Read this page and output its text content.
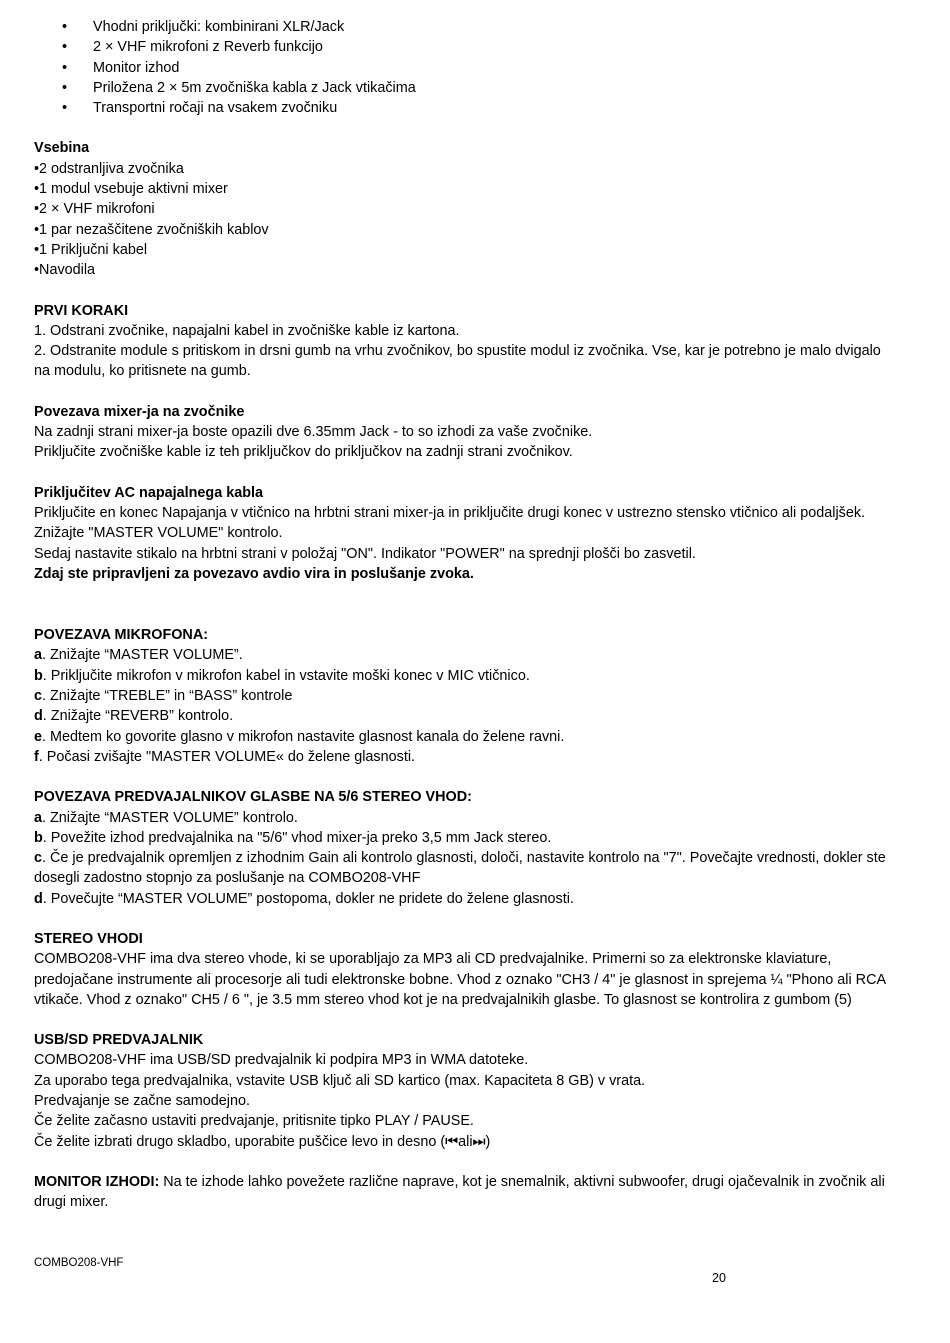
• Vhodni priključki: kombinirani XLR/Jack
• 2 × VHF mikrofoni z Reverb funkcijo
• Monitor izhod
• Priložena 2 × 5m zvočniška kabla z Jack vtikačima
• Transportni ročaji na vsakem zvočniku
Vsebina
• 2 odstranljiva zvočnika
• 1 modul vsebuje aktivni mixer
• 2 × VHF mikrofoni
• 1 par nezaščitene zvočniških kablov
• 1 Priključni kabel
• Navodila
PRVI KORAKI

1. Odstrani zvočnike, napajalni kabel in zvočniške kable iz kartona.

2. Odstranite module s pritiskom in drsni gumb na vrhu zvočnikov, bo spustite modul iz zvočnika. Vse, kar je potrebno je malo dvigalo na modulu, ko pritisnete na gumb.

Povezava mixer-ja na zvočnike

Na zadnji strani mixer-ja boste opazili dve 6.35mm Jack - to so izhodi za vaše zvočnike.

Priključite zvočniške kable iz teh priključkov do priključkov na zadnji strani zvočnikov.

Priključitev AC napajalnega kabla

Priključite en konec Napajanja v vtičnico na hrbtni strani mixer-ja in priključite drugi konec v ustrezno stensko vtičnico ali podaljšek. Znižajte "MASTER VOLUME" kontrolo.

Sedaj nastavite stikalo na hrbtni strani v položaj "ON". Indikator "POWER" na sprednji plošči bo zasvetil.

Zdaj ste pripravljeni za povezavo avdio vira in poslušanje zvoka.

POVEZAVA MIKROFONA:

a. Znižajte “MASTER VOLUME”.

b. Priključite mikrofon v mikrofon kabel in vstavite moški konec v MIC vtičnico.

c. Znižajte “TREBLE” in “BASS” kontrole

d. Znižajte “REVERB” kontrolo.

e. Medtem ko govorite glasno v mikrofon nastavite glasnost kanala do želene ravni.

f. Počasi zvišajte "MASTER VOLUME« do želene glasnosti.

POVEZAVA PREDVAJALNIKOV GLASBE NA 5/6 STEREO VHOD:

a. Znižajte “MASTER VOLUME” kontrolo.

b. Povežite izhod predvajalnika na "5/6" vhod mixer-ja preko 3,5 mm Jack stereo.

c. Če je predvajalnik opremljen z izhodnim Gain ali kontrolo glasnosti, določi, nastavite kontrolo na "7". Povečajte vrednosti, dokler ste dosegli zadostno stopnjo za poslušanje na COMBO208-VHF

d. Povečujte “MASTER VOLUME” postopoma, dokler ne pridete do želene glasnosti.

STEREO VHODI

COMBO208-VHF ima dva stereo vhode, ki se uporabljajo za MP3 ali CD predvajalnike. Primerni so za elektronske klaviature, predojačane instrumente ali procesorje ali tudi elektronske bobne. Vhod z oznako "CH3 / 4" je glasnost in sprejema ¼ "Phono ali RCA vtikače. Vhod z oznako" CH5 / 6 ", je 3.5 mm stereo vhod kot je na predvajalnikih glasbe. To glasnost se kontrolira z gumbom (5)

USB/SD PREDVAJALNIK

COMBO208-VHF ima USB/SD predvajalnik ki podpira MP3 in WMA datoteke.

Za uporabo tega predvajalnika, vstavite USB ključ ali SD kartico (max. Kapaciteta 8 GB) v vrata.

Predvajanje se začne samodejno.

Če želite začasno ustaviti predvajanje, pritisnite tipko PLAY / PAUSE.

Če želite izbrati drugo skladbo, uporabite puščice levo in desno (⏮ali⏭)

MONITOR IZHODI: Na te izhode lahko povežete različne naprave, kot je snemalnik, aktivni subwoofer, drugi ojačevalnik in zvočnik ali drugi mixer.

COMBO208-VHF
20
